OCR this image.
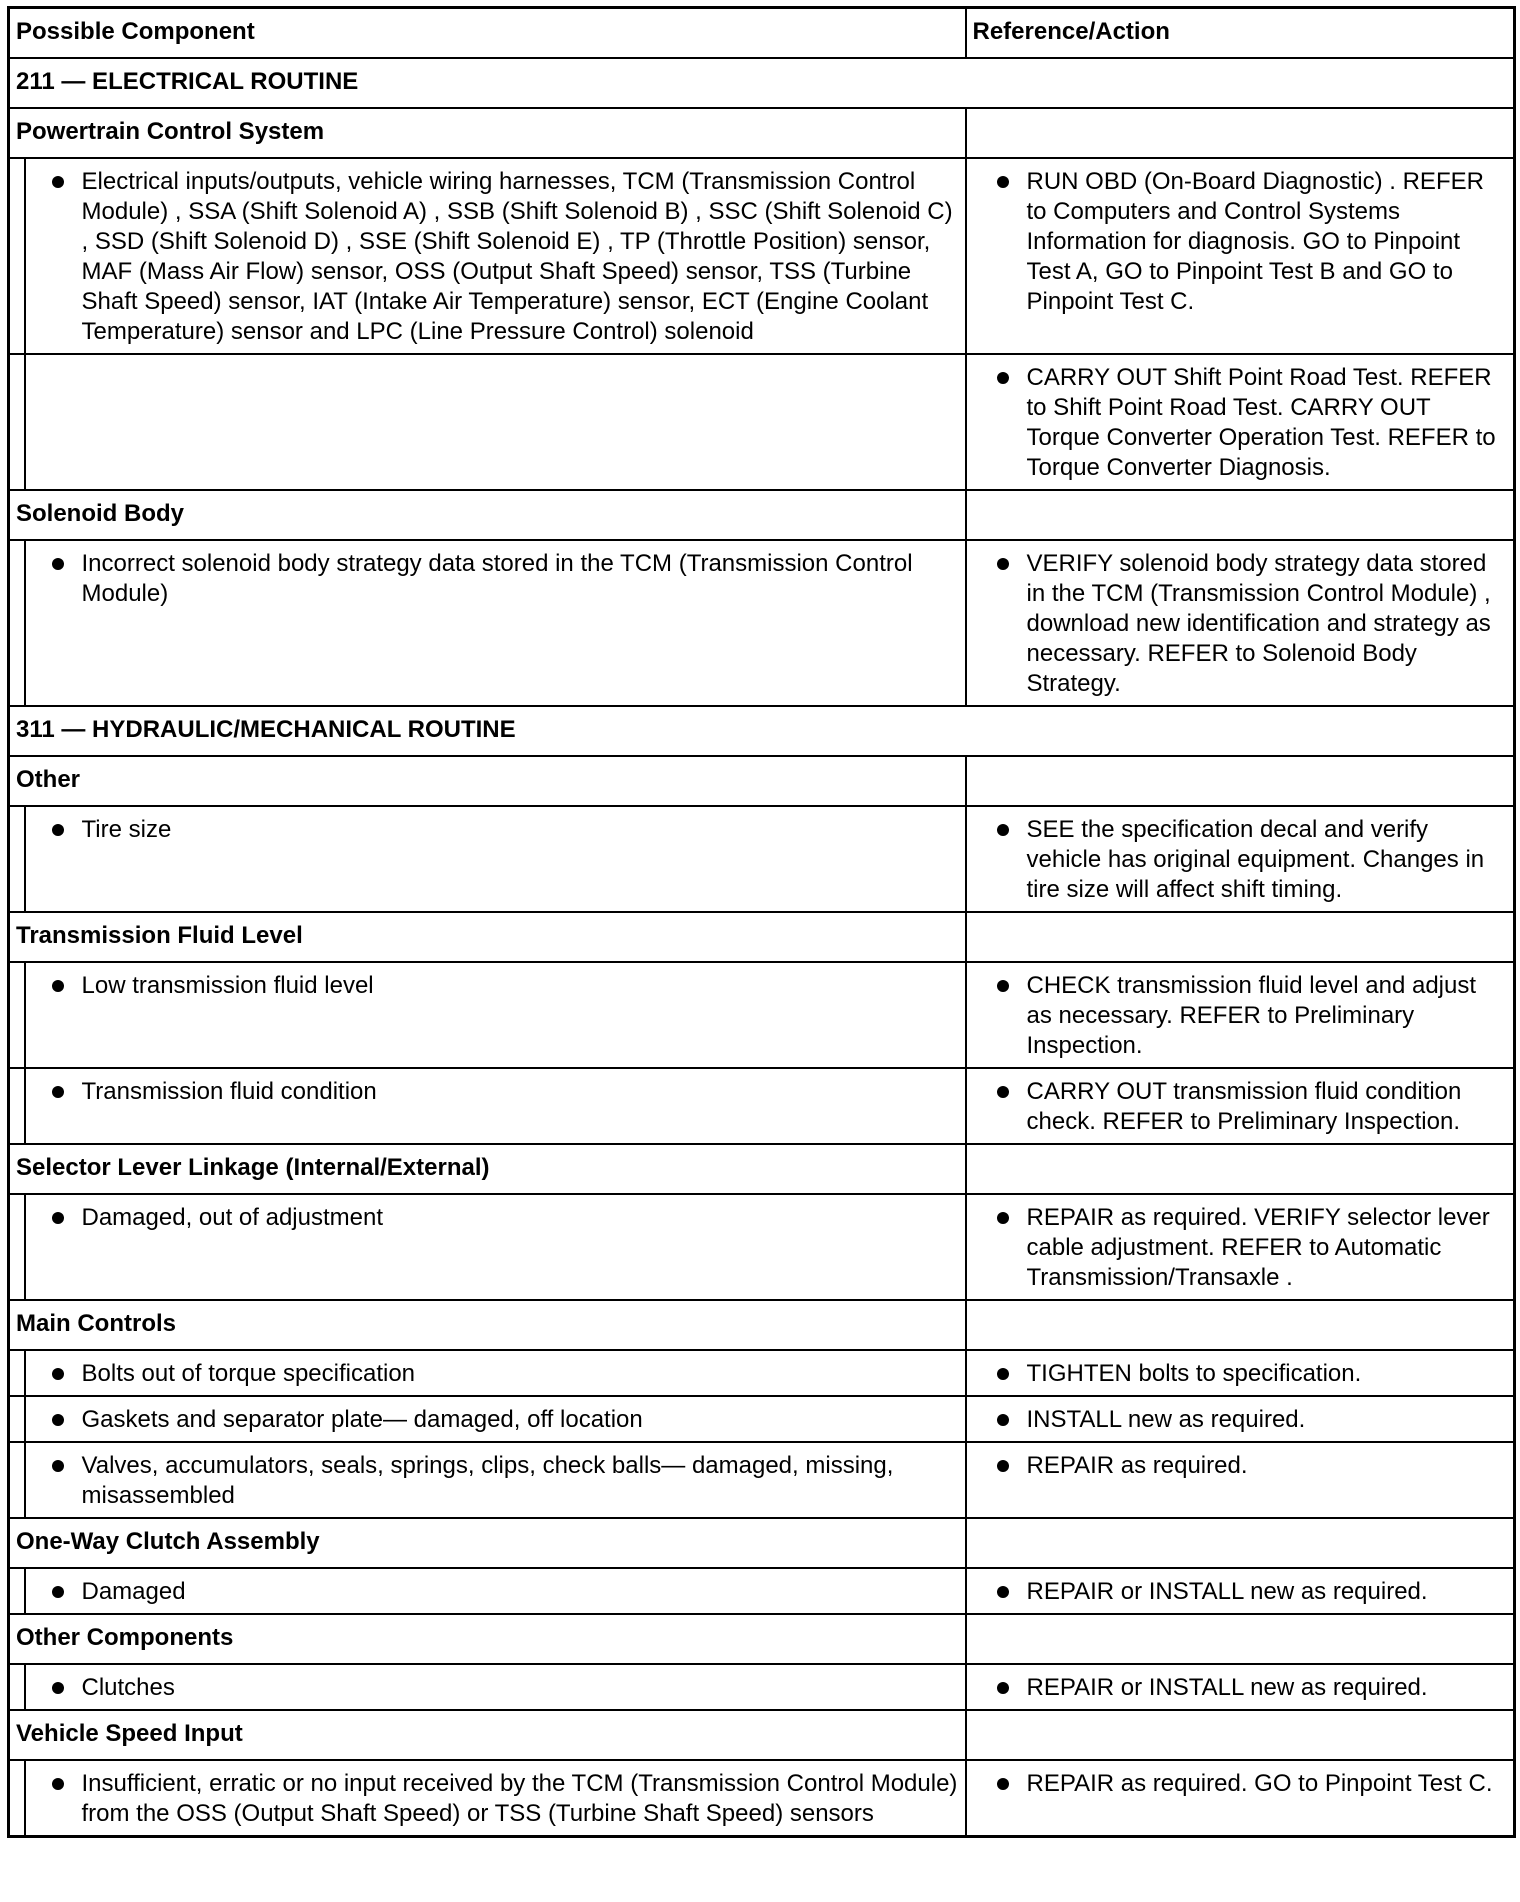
Possible Component		Reference/Action
211 — ELECTRICAL ROUTINE		
Powertrain Control System		

	Electrical inputs/outputs, vehicle wiring harnesses, TCM (Transmission Control Module) , SSA (Shift Solenoid A) , SSB (Shift Solenoid B) , SSC (Shift Solenoid C) , SSD (Shift Solenoid D) , SSE (Shift Solenoid E) , TP (Throttle Position) sensor, MAF (Mass Air Flow) sensor, OSS (Output Shaft Speed) sensor, TSS (Turbine Shaft Speed) sensor, IAT (Intake Air Temperature) sensor, ECT (Engine Coolant Temperature) sensor and LPC (Line Pressure Control) solenoid	RUN OBD (On-Board Diagnostic) . REFER to Computers and Control Systems Information for diagnosis. GO to Pinpoint Test A, GO to Pinpoint Test B and GO to Pinpoint Test C.

		CARRY OUT Shift Point Road Test. REFER to Shift Point Road Test. CARRY OUT Torque Converter Operation Test. REFER to Torque Converter Diagnosis.

Solenoid Body		

	Incorrect solenoid body strategy data stored in the TCM (Transmission Control Module)	VERIFY solenoid body strategy data stored in the TCM (Transmission Control Module) , download new identification and strategy as necessary. REFER to Solenoid Body Strategy.

311 — HYDRAULIC/MECHANICAL ROUTINE		
Other		

	Tire size	SEE the specification decal and verify vehicle has original equipment. Changes in tire size will affect shift timing.

Transmission Fluid Level		

	Low transmission fluid level	CHECK transmission fluid level and adjust as necessary. REFER to Preliminary Inspection.

	Transmission fluid condition	CARRY OUT transmission fluid condition check. REFER to Preliminary Inspection.

Selector Lever Linkage (Internal/External)		

	Damaged, out of adjustment	REPAIR as required. VERIFY selector lever cable adjustment. REFER to Automatic Transmission/Transaxle .

Main Controls		

	Bolts out of torque specification	TIGHTEN bolts to specification.

	Gaskets and separator plate— damaged, off location	INSTALL new as required.

	Valves, accumulators, seals, springs, clips, check balls— damaged, missing, misassembled	REPAIR as required.

One-Way Clutch Assembly		

	Damaged	REPAIR or INSTALL new as required.

Other Components		

	Clutches	REPAIR or INSTALL new as required.

Vehicle Speed Input		

	Insufficient, erratic or no input received by the TCM (Transmission Control Module) from the OSS (Output Shaft Speed) or TSS (Turbine Shaft Speed) sensors	REPAIR as required. GO to Pinpoint Test C.
